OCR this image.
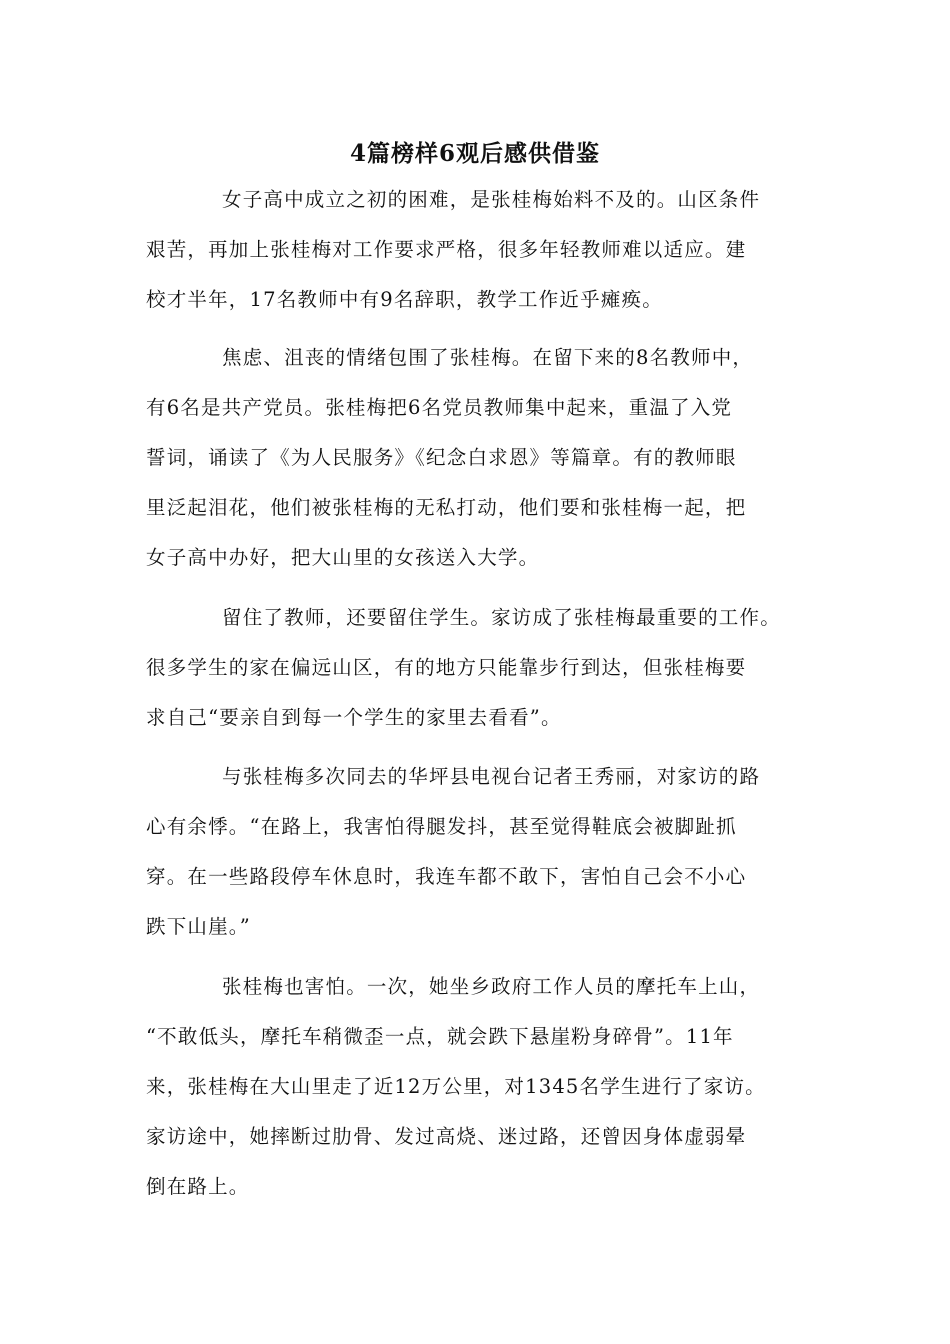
4篇榜样6观后感供借鉴
女子高中成立之初的困难，是张桂梅始料不及的。山区条件
艰苦，再加上张桂梅对工作要求严格，很多年轻教师难以适应。建
校才半年，17名教师中有9名辞职，教学工作近乎瘫痪。
焦虑、沮丧的情绪包围了张桂梅。在留下来的8名教师中，
有6名是共产党员。张桂梅把6名党员教师集中起来，重温了入党
誓词，诵读了《为人民服务》《纪念白求恩》等篇章。有的教师眼
里泛起泪花，他们被张桂梅的无私打动，他们要和张桂梅一起，把
女子高中办好，把大山里的女孩送入大学。
留住了教师，还要留住学生。家访成了张桂梅最重要的工作。
很多学生的家在偏远山区，有的地方只能靠步行到达，但张桂梅要
求自己“要亲自到每一个学生的家里去看看”。
与张桂梅多次同去的华坪县电视台记者王秀丽，对家访的路
心有余悸。“在路上，我害怕得腿发抖，甚至觉得鞋底会被脚趾抓
穿。在一些路段停车休息时，我连车都不敢下，害怕自己会不小心
跌下山崖。”
张桂梅也害怕。一次，她坐乡政府工作人员的摩托车上山，
“不敢低头，摩托车稍微歪一点，就会跌下悬崖粉身碎骨”。11年
来，张桂梅在大山里走了近12万公里，对1345名学生进行了家访。
家访途中，她摔断过肋骨、发过高烧、迷过路，还曾因身体虚弱晕
倒在路上。
